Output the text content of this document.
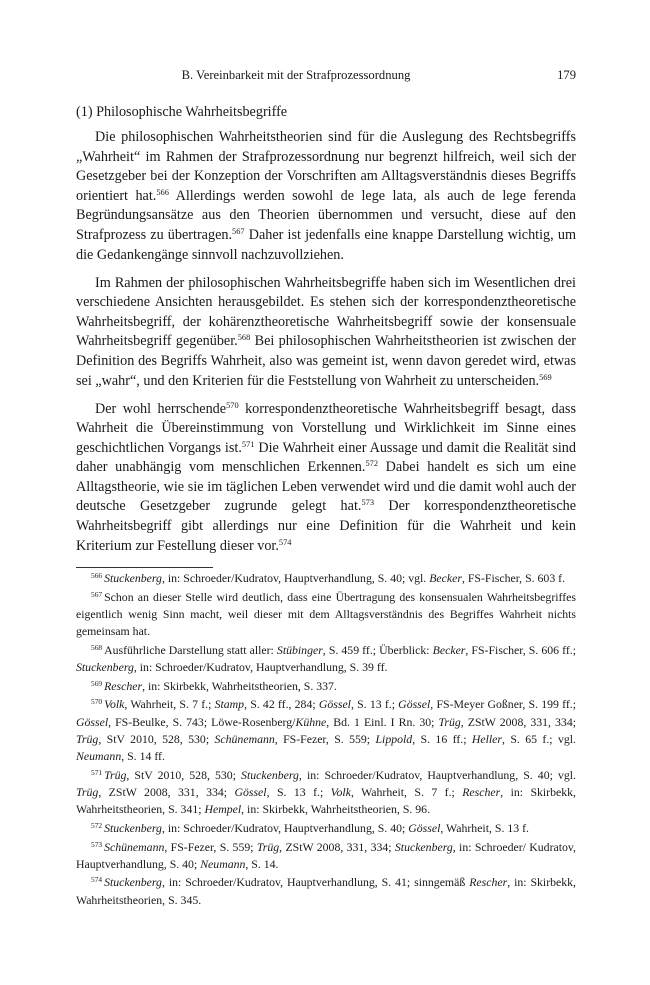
B. Vereinbarkeit mit der Strafprozessordnung	179
(1) Philosophische Wahrheitsbegriffe

Die philosophischen Wahrheitstheorien sind für die Auslegung des Rechtsbegriffs „Wahrheit“ im Rahmen der Strafprozessordnung nur begrenzt hilfreich, weil sich der Gesetzgeber bei der Konzeption der Vorschriften am Alltagsverständnis dieses Begriffs orientiert hat.$^{566}$ Allerdings werden sowohl de lege lata, als auch de lege ferenda Begründungsansätze aus den Theorien übernommen und versucht, diese auf den Strafprozess zu übertragen.$^{567}$ Daher ist jedenfalls eine knappe Darstellung wichtig, um die Gedankengänge sinnvoll nachzuvollziehen.

Im Rahmen der philosophischen Wahrheitsbegriffe haben sich im Wesentlichen drei verschiedene Ansichten herausgebildet. Es stehen sich der korrespondenztheoretische Wahrheitsbegriff, der kohärenztheoretische Wahrheitsbegriff sowie der konsensuale Wahrheitsbegriff gegenüber.$^{568}$ Bei philosophischen Wahrheitstheorien ist zwischen der Definition des Begriffs Wahrheit, also was gemeint ist, wenn davon geredet wird, etwas sei „wahr“, und den Kriterien für die Feststellung von Wahrheit zu unterscheiden.$^{569}$

Der wohl herrschende$^{570}$ korrespondenztheoretische Wahrheitsbegriff besagt, dass Wahrheit die Übereinstimmung von Vorstellung und Wirklichkeit im Sinne eines geschichtlichen Vorgangs ist.$^{571}$ Die Wahrheit einer Aussage und damit die Realität sind daher unabhängig vom menschlichen Erkennen.$^{572}$ Dabei handelt es sich um eine Alltagstheorie, wie sie im täglichen Leben verwendet wird und die damit wohl auch der deutsche Gesetzgeber zugrunde gelegt hat.$^{573}$ Der korrespondenztheoretische Wahrheitsbegriff gibt allerdings nur eine Definition für die Wahrheit und kein Kriterium zur Festellung dieser vor.$^{574}$

$^{566}$ Stuckenberg, in: Schroeder/Kudratov, Hauptverhandlung, S. 40; vgl. Becker, FS-Fischer, S. 603 f.

$^{567}$ Schon an dieser Stelle wird deutlich, dass eine Übertragung des konsensualen Wahrheitsbegriffes eigentlich wenig Sinn macht, weil dieser mit dem Alltagsverständnis des Begriffes Wahrheit nichts gemeinsam hat.

$^{568}$ Ausführliche Darstellung statt aller: Stübinger, S. 459 ff.; Überblick: Becker, FS-Fischer, S. 606 ff.; Stuckenberg, in: Schroeder/Kudratov, Hauptverhandlung, S. 39 ff.

$^{569}$ Rescher, in: Skirbekk, Wahrheitstheorien, S. 337.

$^{570}$ Volk, Wahrheit, S. 7 f.; Stamp, S. 42 ff., 284; Gössel, S. 13 f.; Gössel, FS-Meyer Goßner, S. 199 ff.; Gössel, FS-Beulke, S. 743; Löwe-Rosenberg/Kühne, Bd. 1 Einl. I Rn. 30; Trüg, ZStW 2008, 331, 334; Trüg, StV 2010, 528, 530; Schünemann, FS-Fezer, S. 559; Lippold, S. 16 ff.; Heller, S. 65 f.; vgl. Neumann, S. 14 ff.

$^{571}$ Trüg, StV 2010, 528, 530; Stuckenberg, in: Schroeder/Kudratov, Hauptverhandlung, S. 40; vgl. Trüg, ZStW 2008, 331, 334; Gössel, S. 13 f.; Volk, Wahrheit, S. 7 f.; Rescher, in: Skirbekk, Wahrheitstheorien, S. 341; Hempel, in: Skirbekk, Wahrheitstheorien, S. 96.

$^{572}$ Stuckenberg, in: Schroeder/Kudratov, Hauptverhandlung, S. 40; Gössel, Wahrheit, S. 13 f.

$^{573}$ Schünemann, FS-Fezer, S. 559; Trüg, ZStW 2008, 331, 334; Stuckenberg, in: Schroeder/ Kudratov, Hauptverhandlung, S. 40; Neumann, S. 14.

$^{574}$ Stuckenberg, in: Schroeder/Kudratov, Hauptverhandlung, S. 41; sinngemäß Rescher, in: Skirbekk, Wahrheitstheorien, S. 345.
